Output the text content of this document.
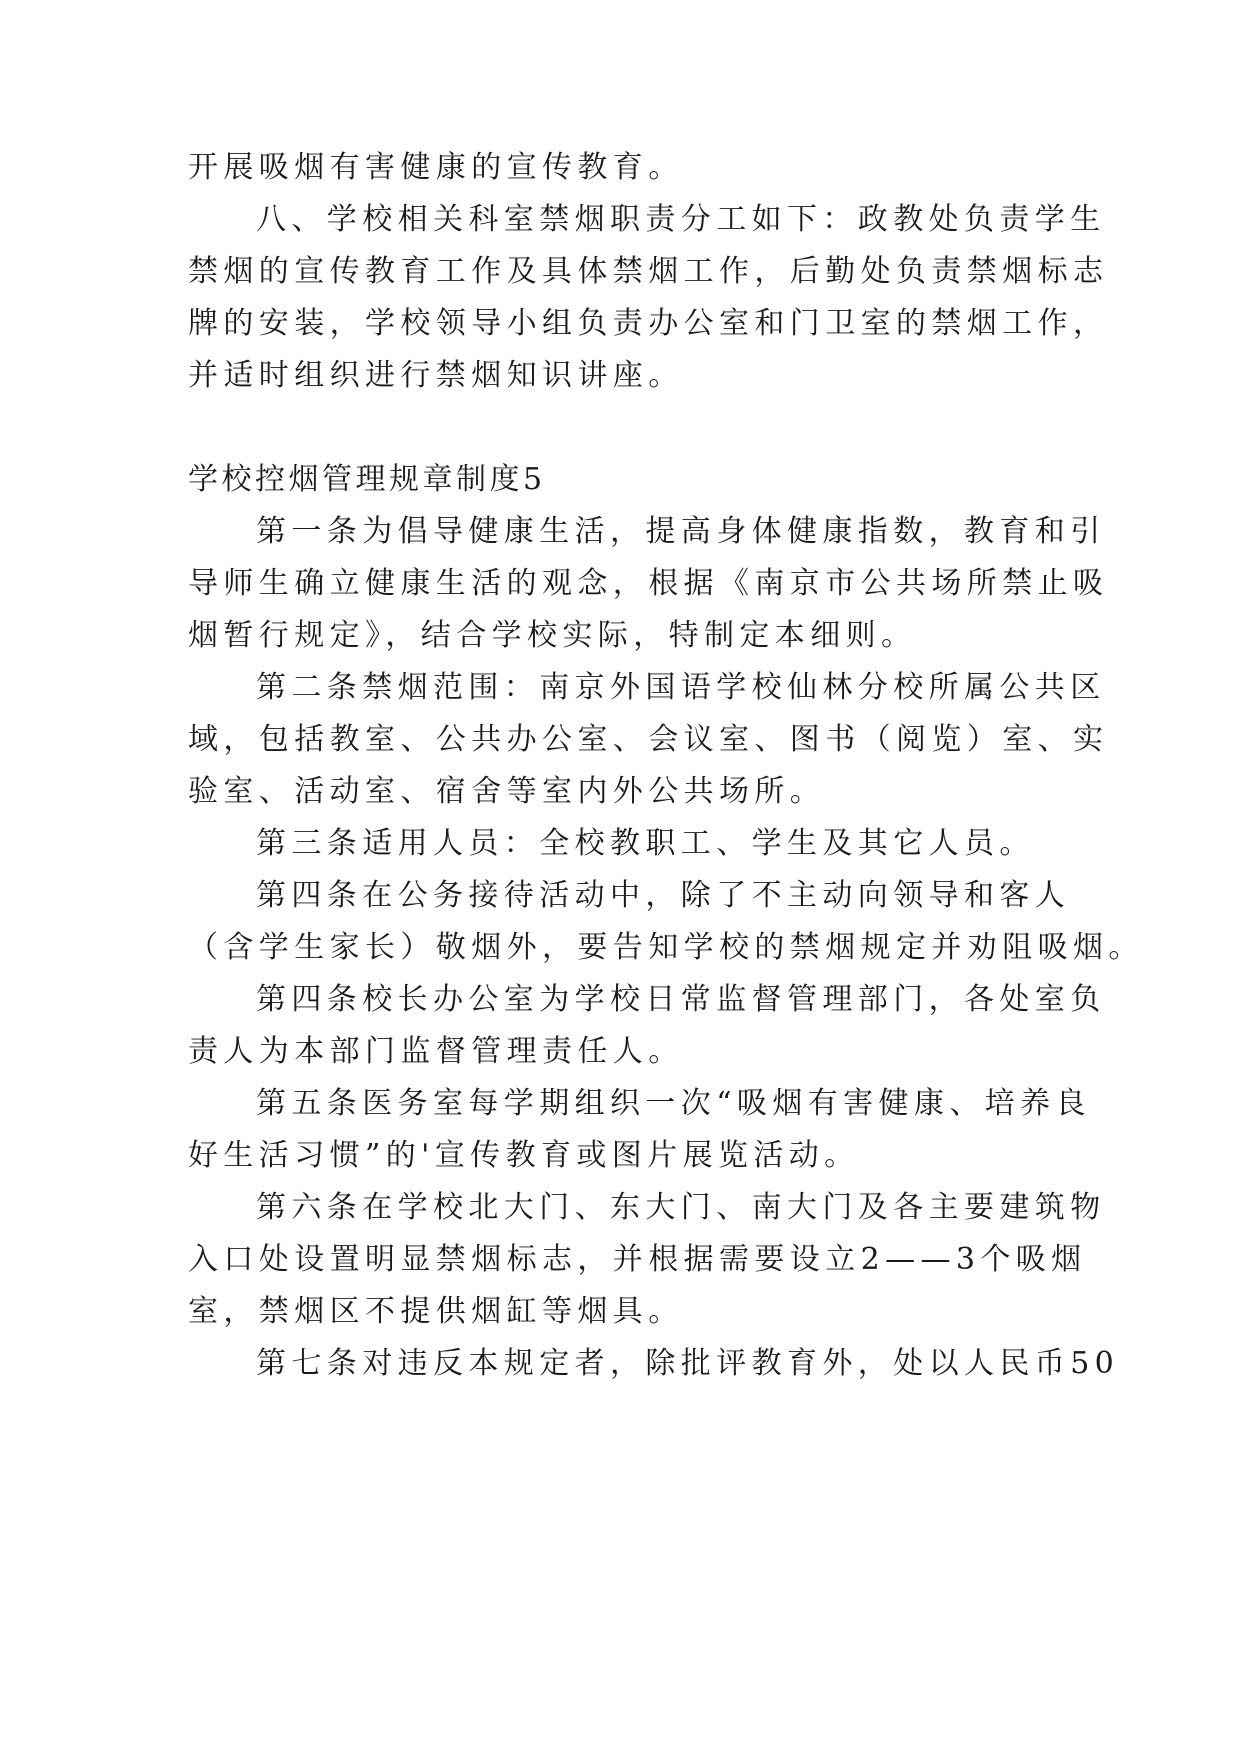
开展吸烟有害健康的宣传教育。
八、学校相关科室禁烟职责分工如下：政教处负责学生
禁烟的宣传教育工作及具体禁烟工作，后勤处负责禁烟标志
牌的安装，学校领导小组负责办公室和门卫室的禁烟工作，
并适时组织进行禁烟知识讲座。
学校控烟管理规章制度5
第一条为倡导健康生活，提高身体健康指数，教育和引
导师生确立健康生活的观念，根据《南京市公共场所禁止吸
烟暂行规定》，结合学校实际，特制定本细则。
第二条禁烟范围：南京外国语学校仙林分校所属公共区
域，包括教室、公共办公室、会议室、图书（阅览）室、实
验室、活动室、宿舍等室内外公共场所。
第三条适用人员：全校教职工、学生及其它人员。
第四条在公务接待活动中，除了不主动向领导和客人
（含学生家长）敬烟外，要告知学校的禁烟规定并劝阻吸烟。
第四条校长办公室为学校日常监督管理部门，各处室负
责人为本部门监督管理责任人。
第五条医务室每学期组织一次“吸烟有害健康、培养良
好生活习惯”的'宣传教育或图片展览活动。
第六条在学校北大门、东大门、南大门及各主要建筑物
入口处设置明显禁烟标志，并根据需要设立2——3个吸烟
室，禁烟区不提供烟缸等烟具。
第七条对违反本规定者，除批评教育外，处以人民币50
